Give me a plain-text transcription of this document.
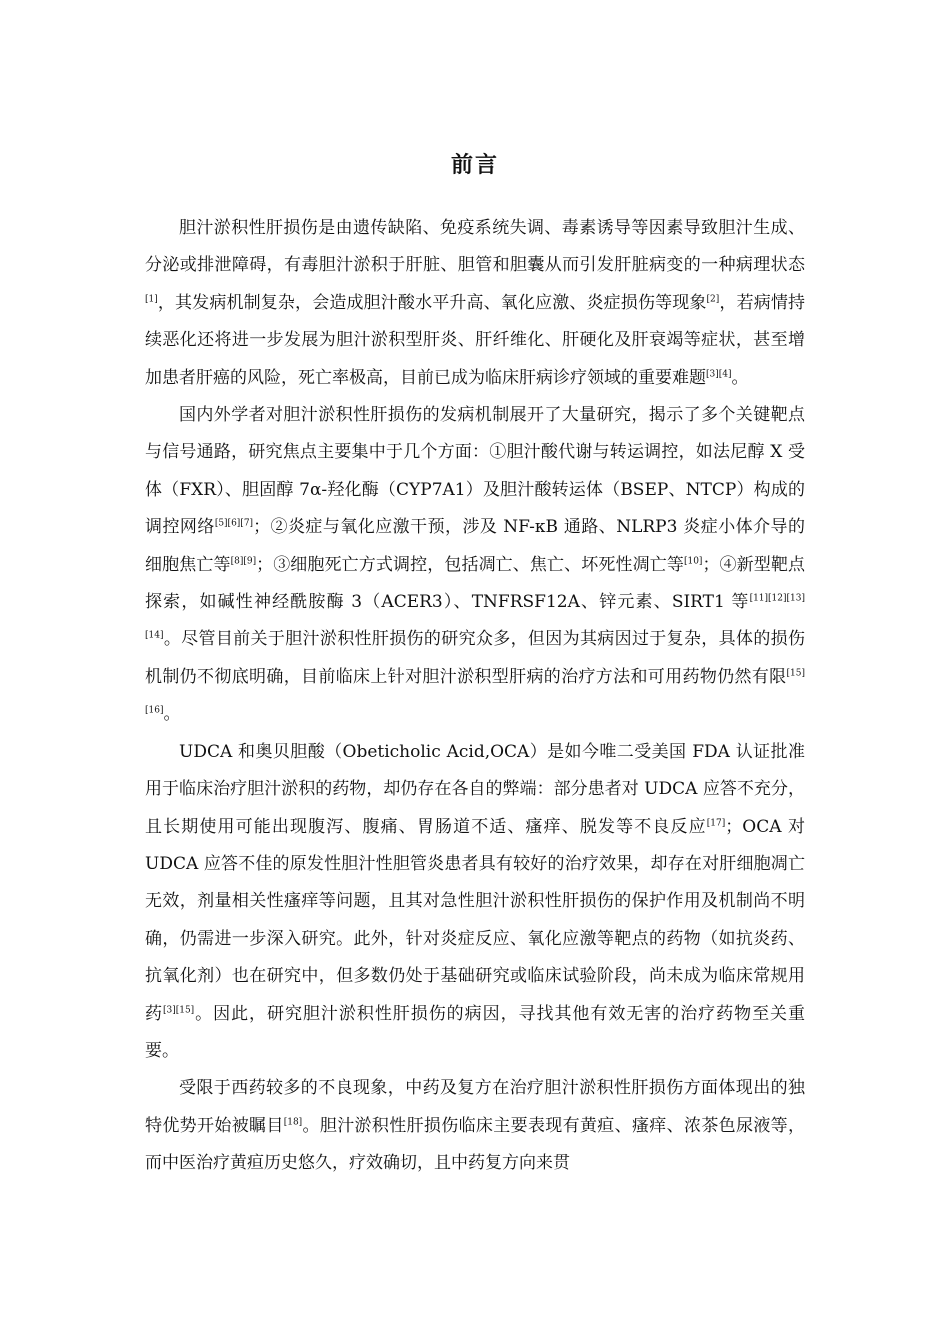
前言

胆汁淤积性肝损伤是由遗传缺陷、免疫系统失调、毒素诱导等因素导致胆汁生成、分泌或排泄障碍，有毒胆汁淤积于肝脏、胆管和胆囊从而引发肝脏病变的一种病理状态[1]，其发病机制复杂，会造成胆汁酸水平升高、氧化应激、炎症损伤等现象[2]，若病情持续恶化还将进一步发展为胆汁淤积型肝炎、肝纤维化、肝硬化及肝衰竭等症状，甚至增加患者肝癌的风险，死亡率极高，目前已成为临床肝病诊疗领域的重要难题[3][4]。

国内外学者对胆汁淤积性肝损伤的发病机制展开了大量研究，揭示了多个关键靶点与信号通路，研究焦点主要集中于几个方面：①胆汁酸代谢与转运调控，如法尼醇 X 受体（FXR）、胆固醇 7α-羟化酶（CYP7A1）及胆汁酸转运体（BSEP、NTCP）构成的调控网络[5][6][7]；②炎症与氧化应激干预，涉及 NF-κB 通路、NLRP3 炎症小体介导的细胞焦亡等[8][9]；③细胞死亡方式调控，包括凋亡、焦亡、坏死性凋亡等[10]；④新型靶点探索，如碱性神经酰胺酶 3（ACER3）、TNFRSF12A、锌元素、SIRT1 等[11][12][13][14]。尽管目前关于胆汁淤积性肝损伤的研究众多，但因为其病因过于复杂，具体的损伤机制仍不彻底明确，目前临床上针对胆汁淤积型肝病的治疗方法和可用药物仍然有限[15][16]。

UDCA 和奥贝胆酸（Obeticholic Acid,OCA）是如今唯二受美国 FDA 认证批准用于临床治疗胆汁淤积的药物，却仍存在各自的弊端：部分患者对 UDCA 应答不充分，且长期使用可能出现腹泻、腹痛、胃肠道不适、瘙痒、脱发等不良反应[17]；OCA 对 UDCA 应答不佳的原发性胆汁性胆管炎患者具有较好的治疗效果，却存在对肝细胞凋亡无效，剂量相关性瘙痒等问题，且其对急性胆汁淤积性肝损伤的保护作用及机制尚不明确，仍需进一步深入研究。此外，针对炎症反应、氧化应激等靶点的药物（如抗炎药、抗氧化剂）也在研究中，但多数仍处于基础研究或临床试验阶段，尚未成为临床常规用药[3][15]。因此，研究胆汁淤积性肝损伤的病因，寻找其他有效无害的治疗药物至关重要。

受限于西药较多的不良现象，中药及复方在治疗胆汁淤积性肝损伤方面体现出的独特优势开始被瞩目[18]。胆汁淤积性肝损伤临床主要表现有黄疸、瘙痒、浓茶色尿液等，而中医治疗黄疸历史悠久，疗效确切，且中药复方向来贯
